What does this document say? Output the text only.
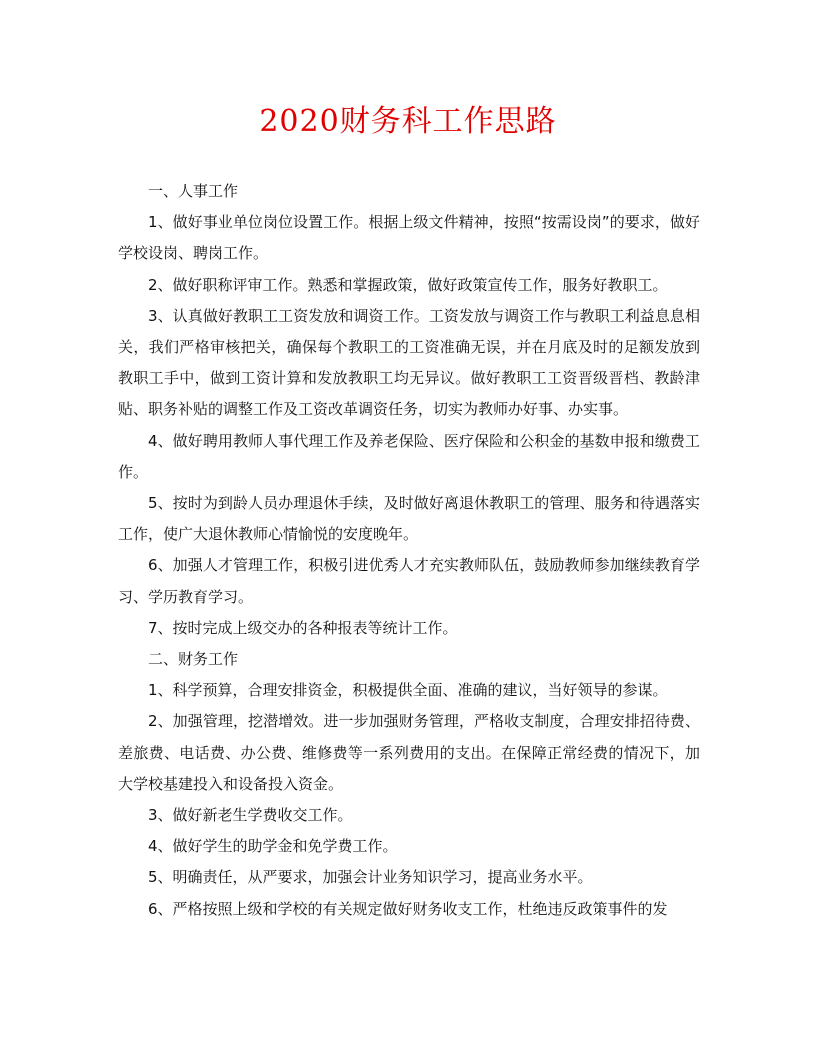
2020财务科工作思路

一、人事工作

1、做好事业单位岗位设置工作。根据上级文件精神，按照“按需设岗”的要求，做好学校设岗、聘岗工作。

2、做好职称评审工作。熟悉和掌握政策，做好政策宣传工作，服务好教职工。

3、认真做好教职工工资发放和调资工作。工资发放与调资工作与教职工利益息息相关，我们严格审核把关，确保每个教职工的工资准确无误，并在月底及时的足额发放到教职工手中，做到工资计算和发放教职工均无异议。做好教职工工资晋级晋档、教龄津贴、职务补贴的调整工作及工资改革调资任务，切实为教师办好事、办实事。

4、做好聘用教师人事代理工作及养老保险、医疗保险和公积金的基数申报和缴费工作。

5、按时为到龄人员办理退休手续，及时做好离退休教职工的管理、服务和待遇落实工作，使广大退休教师心情愉悦的安度晚年。

6、加强人才管理工作，积极引进优秀人才充实教师队伍，鼓励教师参加继续教育学习、学历教育学习。

7、按时完成上级交办的各种报表等统计工作。

二、财务工作

1、科学预算，合理安排资金，积极提供全面、准确的建议，当好领导的参谋。

2、加强管理，挖潜增效。进一步加强财务管理，严格收支制度，合理安排招待费、差旅费、电话费、办公费、维修费等一系列费用的支出。在保障正常经费的情况下，加大学校基建投入和设备投入资金。

3、做好新老生学费收交工作。

4、做好学生的助学金和免学费工作。

5、明确责任，从严要求，加强会计业务知识学习，提高业务水平。

6、严格按照上级和学校的有关规定做好财务收支工作，杜绝违反政策事件的发
